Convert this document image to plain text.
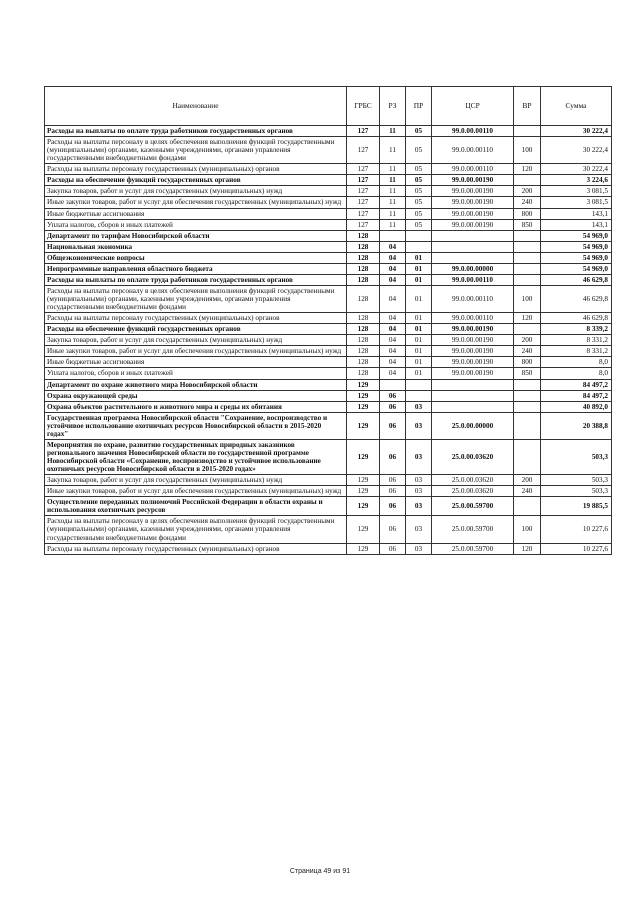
Наименование	ГРБС	РЗ	ПР	ЦСР	ВР	Сумма
Расходы на выплаты по оплате труда работников государственных органов	127	11	05	99.0.00.00110		30 222,4
Расходы на выплаты персоналу в целях обеспечения выполнения функций государственными (муниципальными) органами, казенными учреждениями, органами управления государственными внебюджетными фондами	127	11	05	99.0.00.00110	100	30 222,4
Расходы на выплаты персоналу государственных (муниципальных) органов	127	11	05	99.0.00.00110	120	30 222,4
Расходы на обеспечение функций государственных органов	127	11	05	99.0.00.00190		3 224,6
Закупка товаров, работ и услуг для государственных (муниципальных) нужд	127	11	05	99.0.00.00190	200	3 081,5
Иные закупки товаров, работ и услуг для обеспечения государственных (муниципальных) нужд	127	11	05	99.0.00.00190	240	3 081,5
Иные бюджетные ассигнования	127	11	05	99.0.00.00190	800	143,1
Уплата налогов, сборов и иных платежей	127	11	05	99.0.00.00190	850	143,1
Департамент по тарифам Новосибирской области	128					54 969,0
Национальная экономика	128	04				54 969,0
Общеэкономические вопросы	128	04	01			54 969,0
Непрограммные направления областного бюджета	128	04	01	99.0.00.00000		54 969,0
Расходы на выплаты по оплате труда работников государственных органов	128	04	01	99.0.00.00110		46 629,8
Расходы на выплаты персоналу в целях обеспечения выполнения функций государственными (муниципальными) органами, казенными учреждениями, органами управления государственными внебюджетными фондами	128	04	01	99.0.00.00110	100	46 629,8
Расходы на выплаты персоналу государственных (муниципальных) органов	128	04	01	99.0.00.00110	120	46 629,8
Расходы на обеспечение функций государственных органов	128	04	01	99.0.00.00190		8 339,2
Закупка товаров, работ и услуг для государственных (муниципальных) нужд	128	04	01	99.0.00.00190	200	8 331,2
Иные закупки товаров, работ и услуг для обеспечения государственных (муниципальных) нужд	128	04	01	99.0.00.00190	240	8 331,2
Иные бюджетные ассигнования	128	04	01	99.0.00.00190	800	8,0
Уплата налогов, сборов и иных платежей	128	04	01	99.0.00.00190	850	8,0
Департамент по охране животного мира Новосибирской области	129					84 497,2
Охрана окружающей среды	129	06				84 497,2
Охрана объектов растительного и животного мира и среды их обитания	129	06	03			40 892,0
Государственная программа Новосибирской области "Сохранение, воспроизводство и устойчивое использование охотничьих ресурсов Новосибирской области в 2015-2020 годах"	129	06	03	25.0.00.00000		20 388,8
Мероприятия по охране, развитию государственных природных заказников регионального значения Новосибирской области по государственной программе Новосибирской области «Сохранение, воспроизводство и устойчивое использование охотничьих ресурсов Новосибирской области в 2015-2020 годах»	129	06	03	25.0.00.03620		503,3
Закупка товаров, работ и услуг для государственных (муниципальных) нужд	129	06	03	25.0.00.03620	200	503,3
Иные закупки товаров, работ и услуг для обеспечения государственных (муниципальных) нужд	129	06	03	25.0.00.03620	240	503,3
Осуществление переданных полномочий Российской Федерации в области охраны и использования охотничьих ресурсов	129	06	03	25.0.00.59700		19 885,5
Расходы на выплаты персоналу в целях обеспечения выполнения функций государственными (муниципальными) органами, казенными учреждениями, органами управления государственными внебюджетными фондами	129	06	03	25.0.00.59700	100	10 227,6
Расходы на выплаты персоналу государственных (муниципальных) органов	129	06	03	25.0.00.59700	120	10 227,6
Страница 49 из 91
